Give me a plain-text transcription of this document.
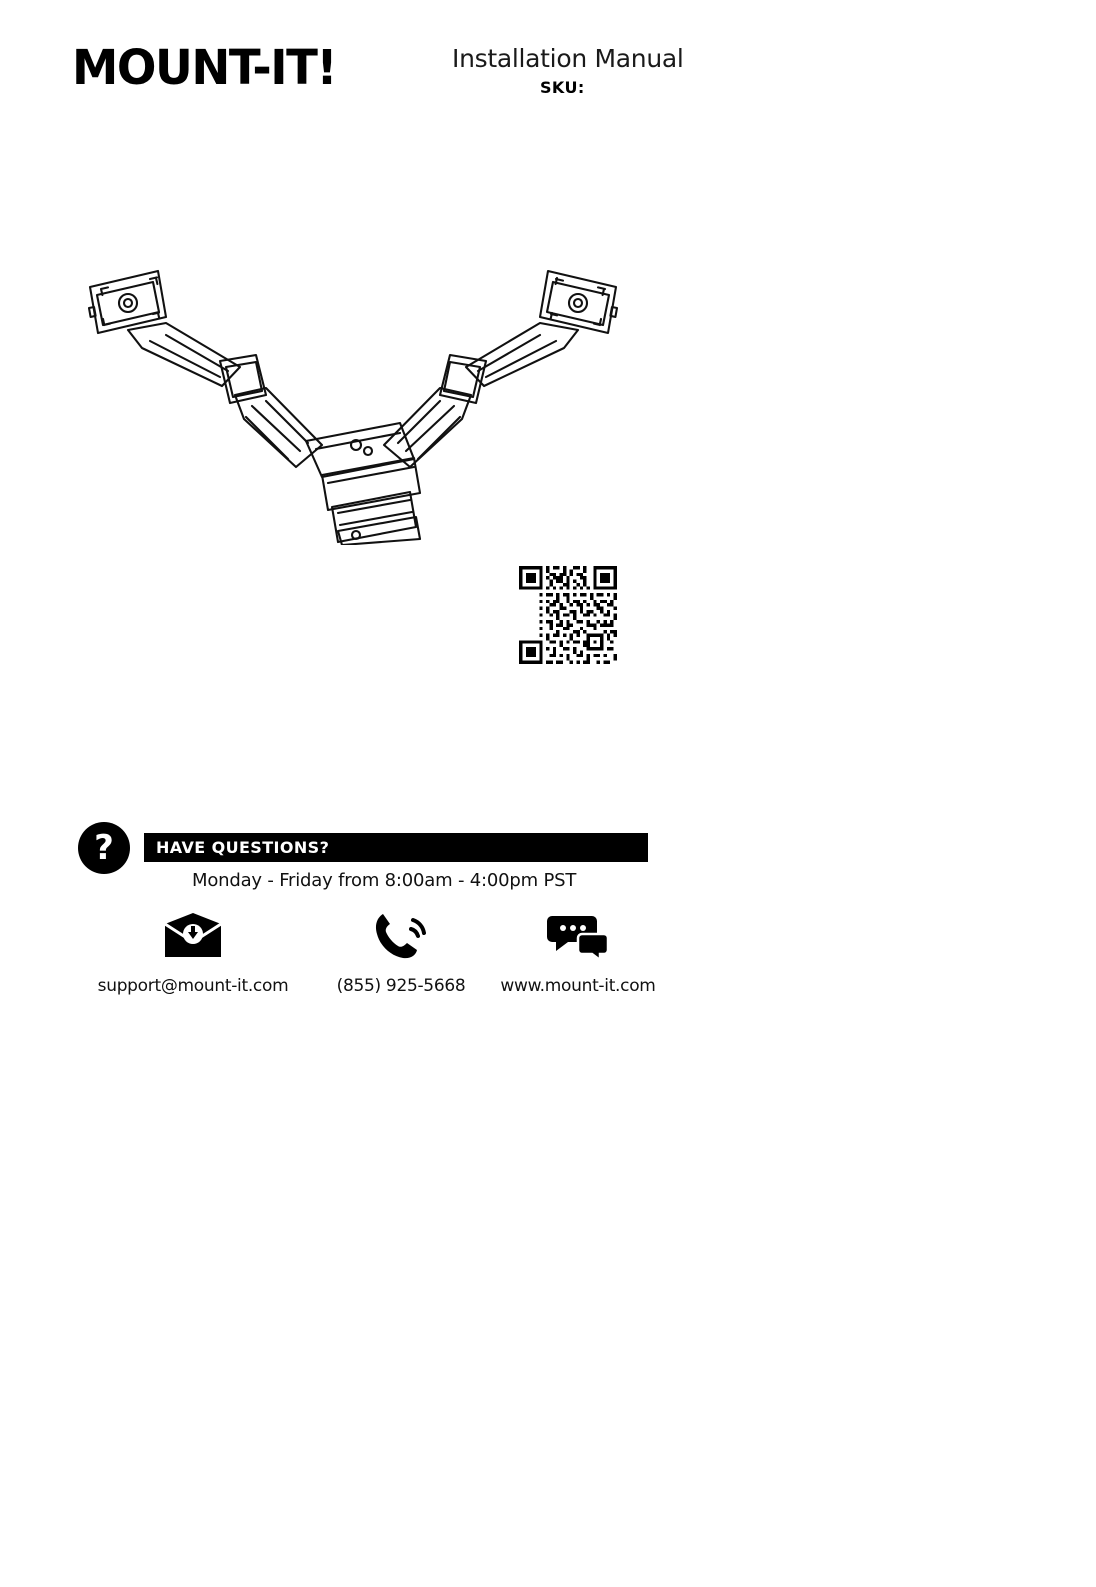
MOUNT-IT!	Installation Manual
SKU:
?	HAVE QUESTIONS?
Monday - Friday from 8:00am - 4:00pm PST
support@mount-it.com	(855) 925-5668	www.mount-it.com
